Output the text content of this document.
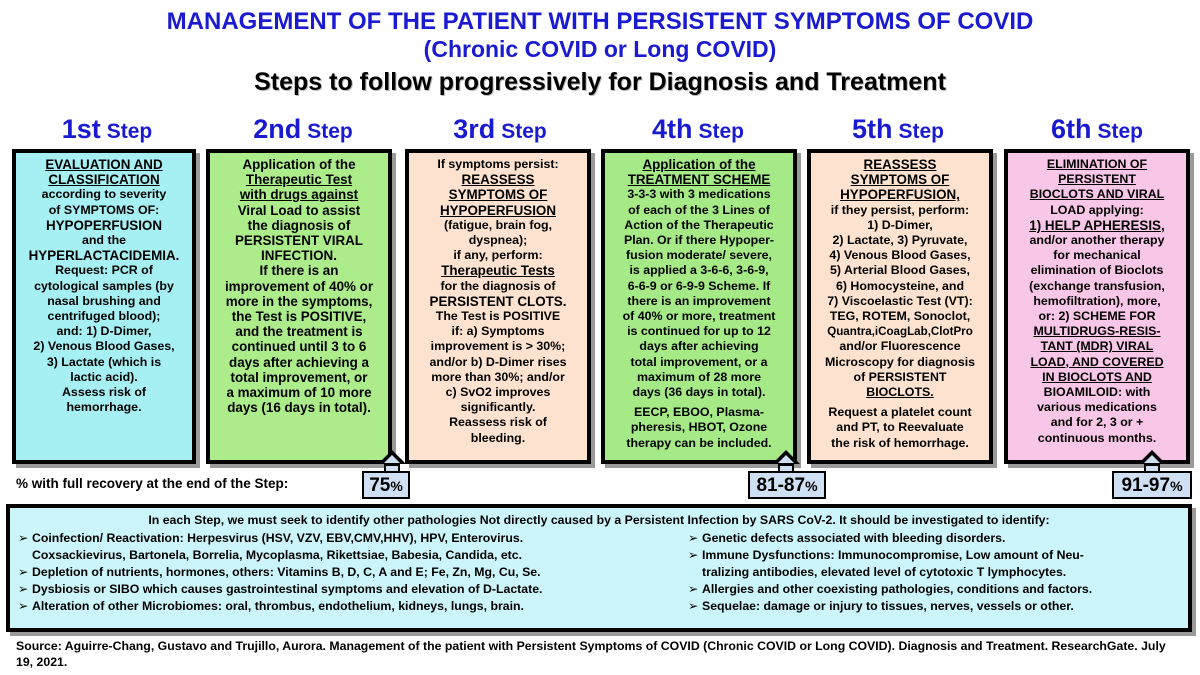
MANAGEMENT OF THE PATIENT WITH PERSISTENT SYMPTOMS OF COVID
(Chronic COVID or Long COVID)
Steps to follow progressively for Diagnosis and Treatment
1st Step	2nd Step	3rd Step	4th Step	5th Step	6th Step

EVALUATION AND

CLASSIFICATION

according to severity

of SYMPTOMS OF:

HYPOPERFUSION

and the

HYPERLACTACIDEMIA.

Request: PCR of

cytological samples (by

nasal brushing and

centrifuged blood);

and: 1) D-Dimer,

2) Venous Blood Gases,

3) Lactate (which is

lactic acid).

Assess risk of

hemorrhage.

Application of the

Therapeutic Test

with drugs against

Viral Load to assist

the diagnosis of

PERSISTENT VIRAL

INFECTION.

If there is an

improvement of 40% or

more in the symptoms,

the Test is POSITIVE,

and the treatment is

continued until 3 to 6

days after achieving a

total improvement, or

a maximum of 10 more

days (16 days in total).

If symptoms persist:

REASSESS

SYMPTOMS OF

HYPOPERFUSION

(fatigue, brain fog,

dyspnea);

if any, perform:

Therapeutic Tests

for the diagnosis of

PERSISTENT CLOTS.

The Test is POSITIVE

if: a) Symptoms

improvement is > 30%;

and/or b) D-Dimer rises

more than 30%; and/or

c) SvO2 improves

significantly.

Reassess risk of

bleeding.

Application of the

TREATMENT SCHEME

3-3-3 with 3 medications

of each of the 3 Lines of

Action of the Therapeutic

Plan. Or if there Hypoper-

fusion moderate/ severe,

is applied a 3-6-6, 3-6-9,

6-6-9 or 6-9-9 Scheme. If

there is an improvement

of 40% or more, treatment

is continued for up to 12

days after achieving

total improvement, or a

maximum of 28 more

days (36 days in total).

EECP, EBOO, Plasma-

pheresis, HBOT, Ozone

therapy can be included.

REASSESS

SYMPTOMS OF

HYPOPERFUSION,

if they persist, perform:

1) D-Dimer,

2) Lactate, 3) Pyruvate,

4) Venous Blood Gases,

5) Arterial Blood Gases,

6) Homocysteine, and

7) Viscoelastic Test (VT):

TEG, ROTEM, Sonoclot,

Quantra,iCoagLab,ClotPro

and/or Fluorescence

Microscopy for diagnosis

of PERSISTENT

BIOCLOTS.

Request a platelet count

and PT, to Reevaluate

the risk of hemorrhage.

ELIMINATION OF

PERSISTENT

BIOCLOTS AND VIRAL

LOAD applying:

1) HELP APHERESIS,

and/or another therapy

for mechanical

elimination of Bioclots

(exchange transfusion,

hemofiltration), more,

or: 2) SCHEME FOR

MULTIDRUGS-RESIS-

TANT (MDR) VIRAL

LOAD, AND COVERED

IN BIOCLOTS AND

BIOAMILOID: with

various medications

and for 2, 3 or +

continuous months.

% with full recovery at the end of the Step:	75%	81-87%	91-97%
In each Step, we must seek to identify other pathologies Not directly caused by a Persistent Infection by SARS CoV-2. It should be investigated to identify:
➢ Coinfection/ Reactivation: Herpesvirus (HSV, VZV, EBV,CMV,HHV), HPV, Enterovirus.
Coxsackievirus, Bartonela, Borrelia, Mycoplasma, Rikettsiae, Babesia, Candida, etc.
➢ Depletion of nutrients, hormones, others: Vitamins B, D, C, A and E; Fe, Zn, Mg, Cu, Se.
➢ Dysbiosis or SIBO which causes gastrointestinal symptoms and elevation of D-Lactate.
➢ Alteration of other Microbiomes: oral, thrombus, endothelium, kidneys, lungs, brain.
➢ Genetic defects associated with bleeding disorders.
➢ Immune Dysfunctions: Immunocompromise, Low amount of Neu-
tralizing antibodies, elevated level of cytotoxic T lymphocytes.
➢ Allergies and other coexisting pathologies, conditions and factors.
➢ Sequelae: damage or injury to tissues, nerves, vessels or other.
Source: Aguirre-Chang, Gustavo and Trujillo, Aurora. Management of the patient with Persistent Symptoms of COVID (Chronic COVID or Long COVID). Diagnosis and Treatment. ResearchGate. July 19, 2021.
